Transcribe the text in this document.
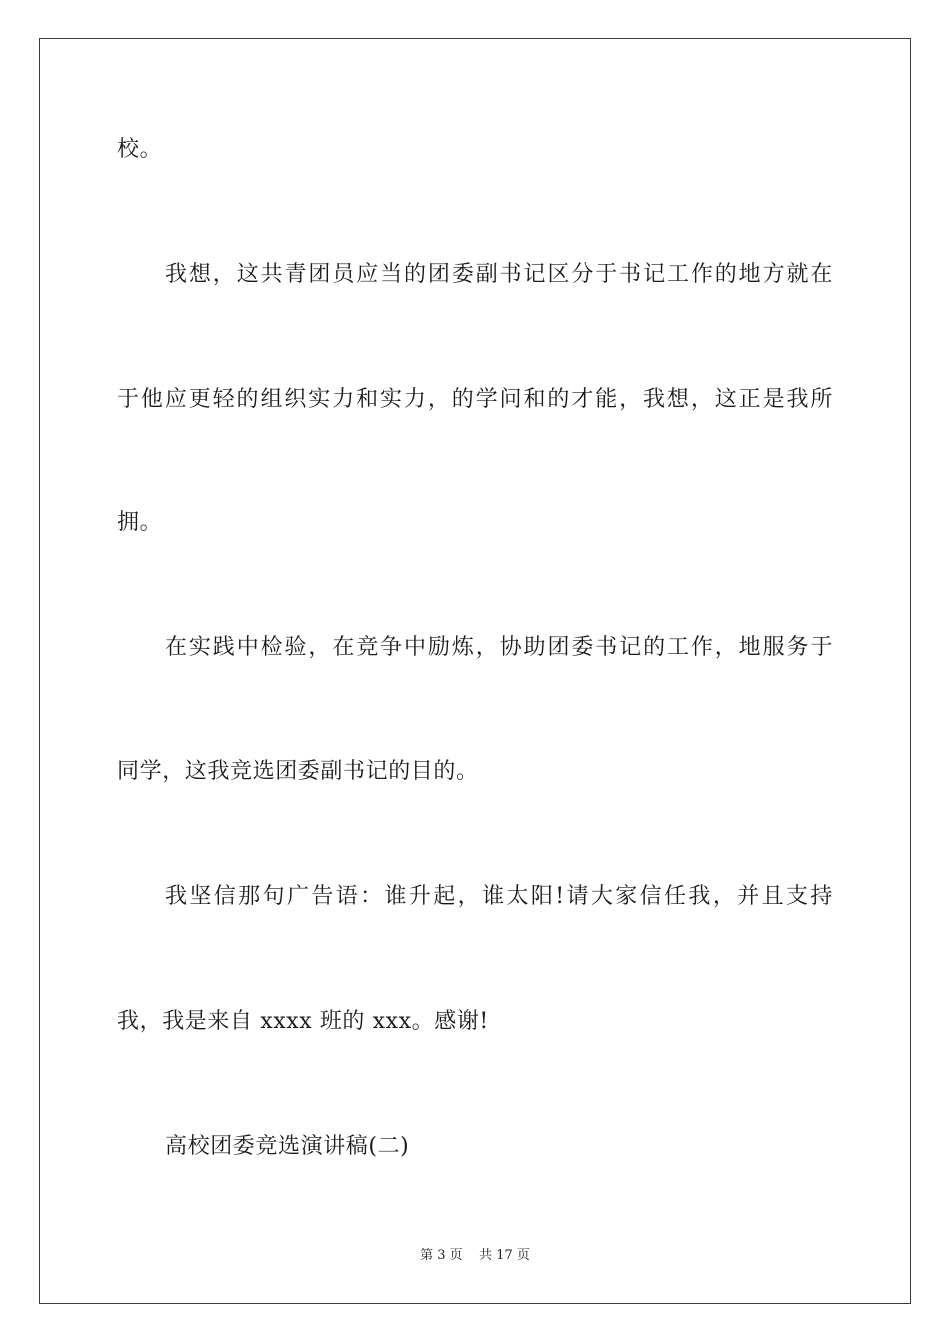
校。
我想，这共青团员应当的团委副书记区分于书记工作的地方就在
于他应更轻的组织实力和实力，的学问和的才能，我想，这正是我所
拥。
在实践中检验，在竞争中励炼，协助团委书记的工作，地服务于
同学，这我竞选团委副书记的目的。
我坚信那句广告语：谁升起，谁太阳!请大家信任我，并且支持
我，我是来自 xxxx 班的 xxx。感谢!
高校团委竞选演讲稿(二)
第 3 页    共 17 页
